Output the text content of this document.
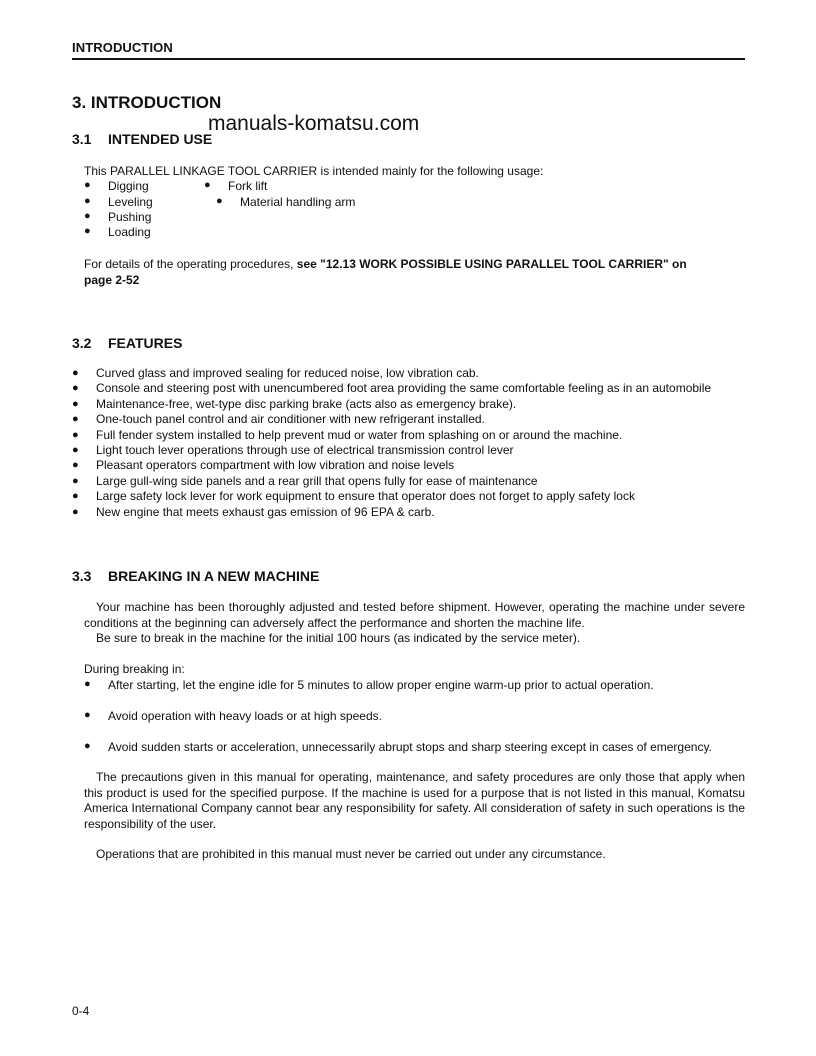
INTRODUCTION
3. INTRODUCTION
manuals-komatsu.com
3.1 INTENDED USE
This PARALLEL LINKAGE TOOL CARRIER is intended mainly for the following usage:
● Digging	● Fork lift
● Leveling	● Material handling arm
● Pushing
● Loading
For details of the operating procedures, see "12.13 WORK POSSIBLE USING PARALLEL TOOL CARRIER" on
page 2-52
3.2 FEATURES
● Curved glass and improved sealing for reduced noise, low vibration cab.
● Console and steering post with unencumbered foot area providing the same comfortable feeling as in an automobile
● Maintenance-free, wet-type disc parking brake (acts also as emergency brake).
● One-touch panel control and air conditioner with new refrigerant installed.
● Full fender system installed to help prevent mud or water from splashing on or around the machine.
● Light touch lever operations through use of electrical transmission control lever
● Pleasant operators compartment with low vibration and noise levels
● Large gull-wing side panels and a rear grill that opens fully for ease of maintenance
● Large safety lock lever for work equipment to ensure that operator does not forget to apply safety lock
● New engine that meets exhaust gas emission of 96 EPA & carb.
3.3 BREAKING IN A NEW MACHINE
Your machine has been thoroughly adjusted and tested before shipment. However, operating the machine under severe conditions at the beginning can adversely affect the performance and shorten the machine life.
Be sure to break in the machine for the initial 100 hours (as indicated by the service meter).
During breaking in:
● After starting, let the engine idle for 5 minutes to allow proper engine warm-up prior to actual operation.
● Avoid operation with heavy loads or at high speeds.
● Avoid sudden starts or acceleration, unnecessarily abrupt stops and sharp steering except in cases of emergency.
The precautions given in this manual for operating, maintenance, and safety procedures are only those that apply when this product is used for the specified purpose. If the machine is used for a purpose that is not listed in this manual, Komatsu America International Company cannot bear any responsibility for safety. All consideration of safety in such operations is the responsibility of the user.
Operations that are prohibited in this manual must never be carried out under any circumstance.
0-4
